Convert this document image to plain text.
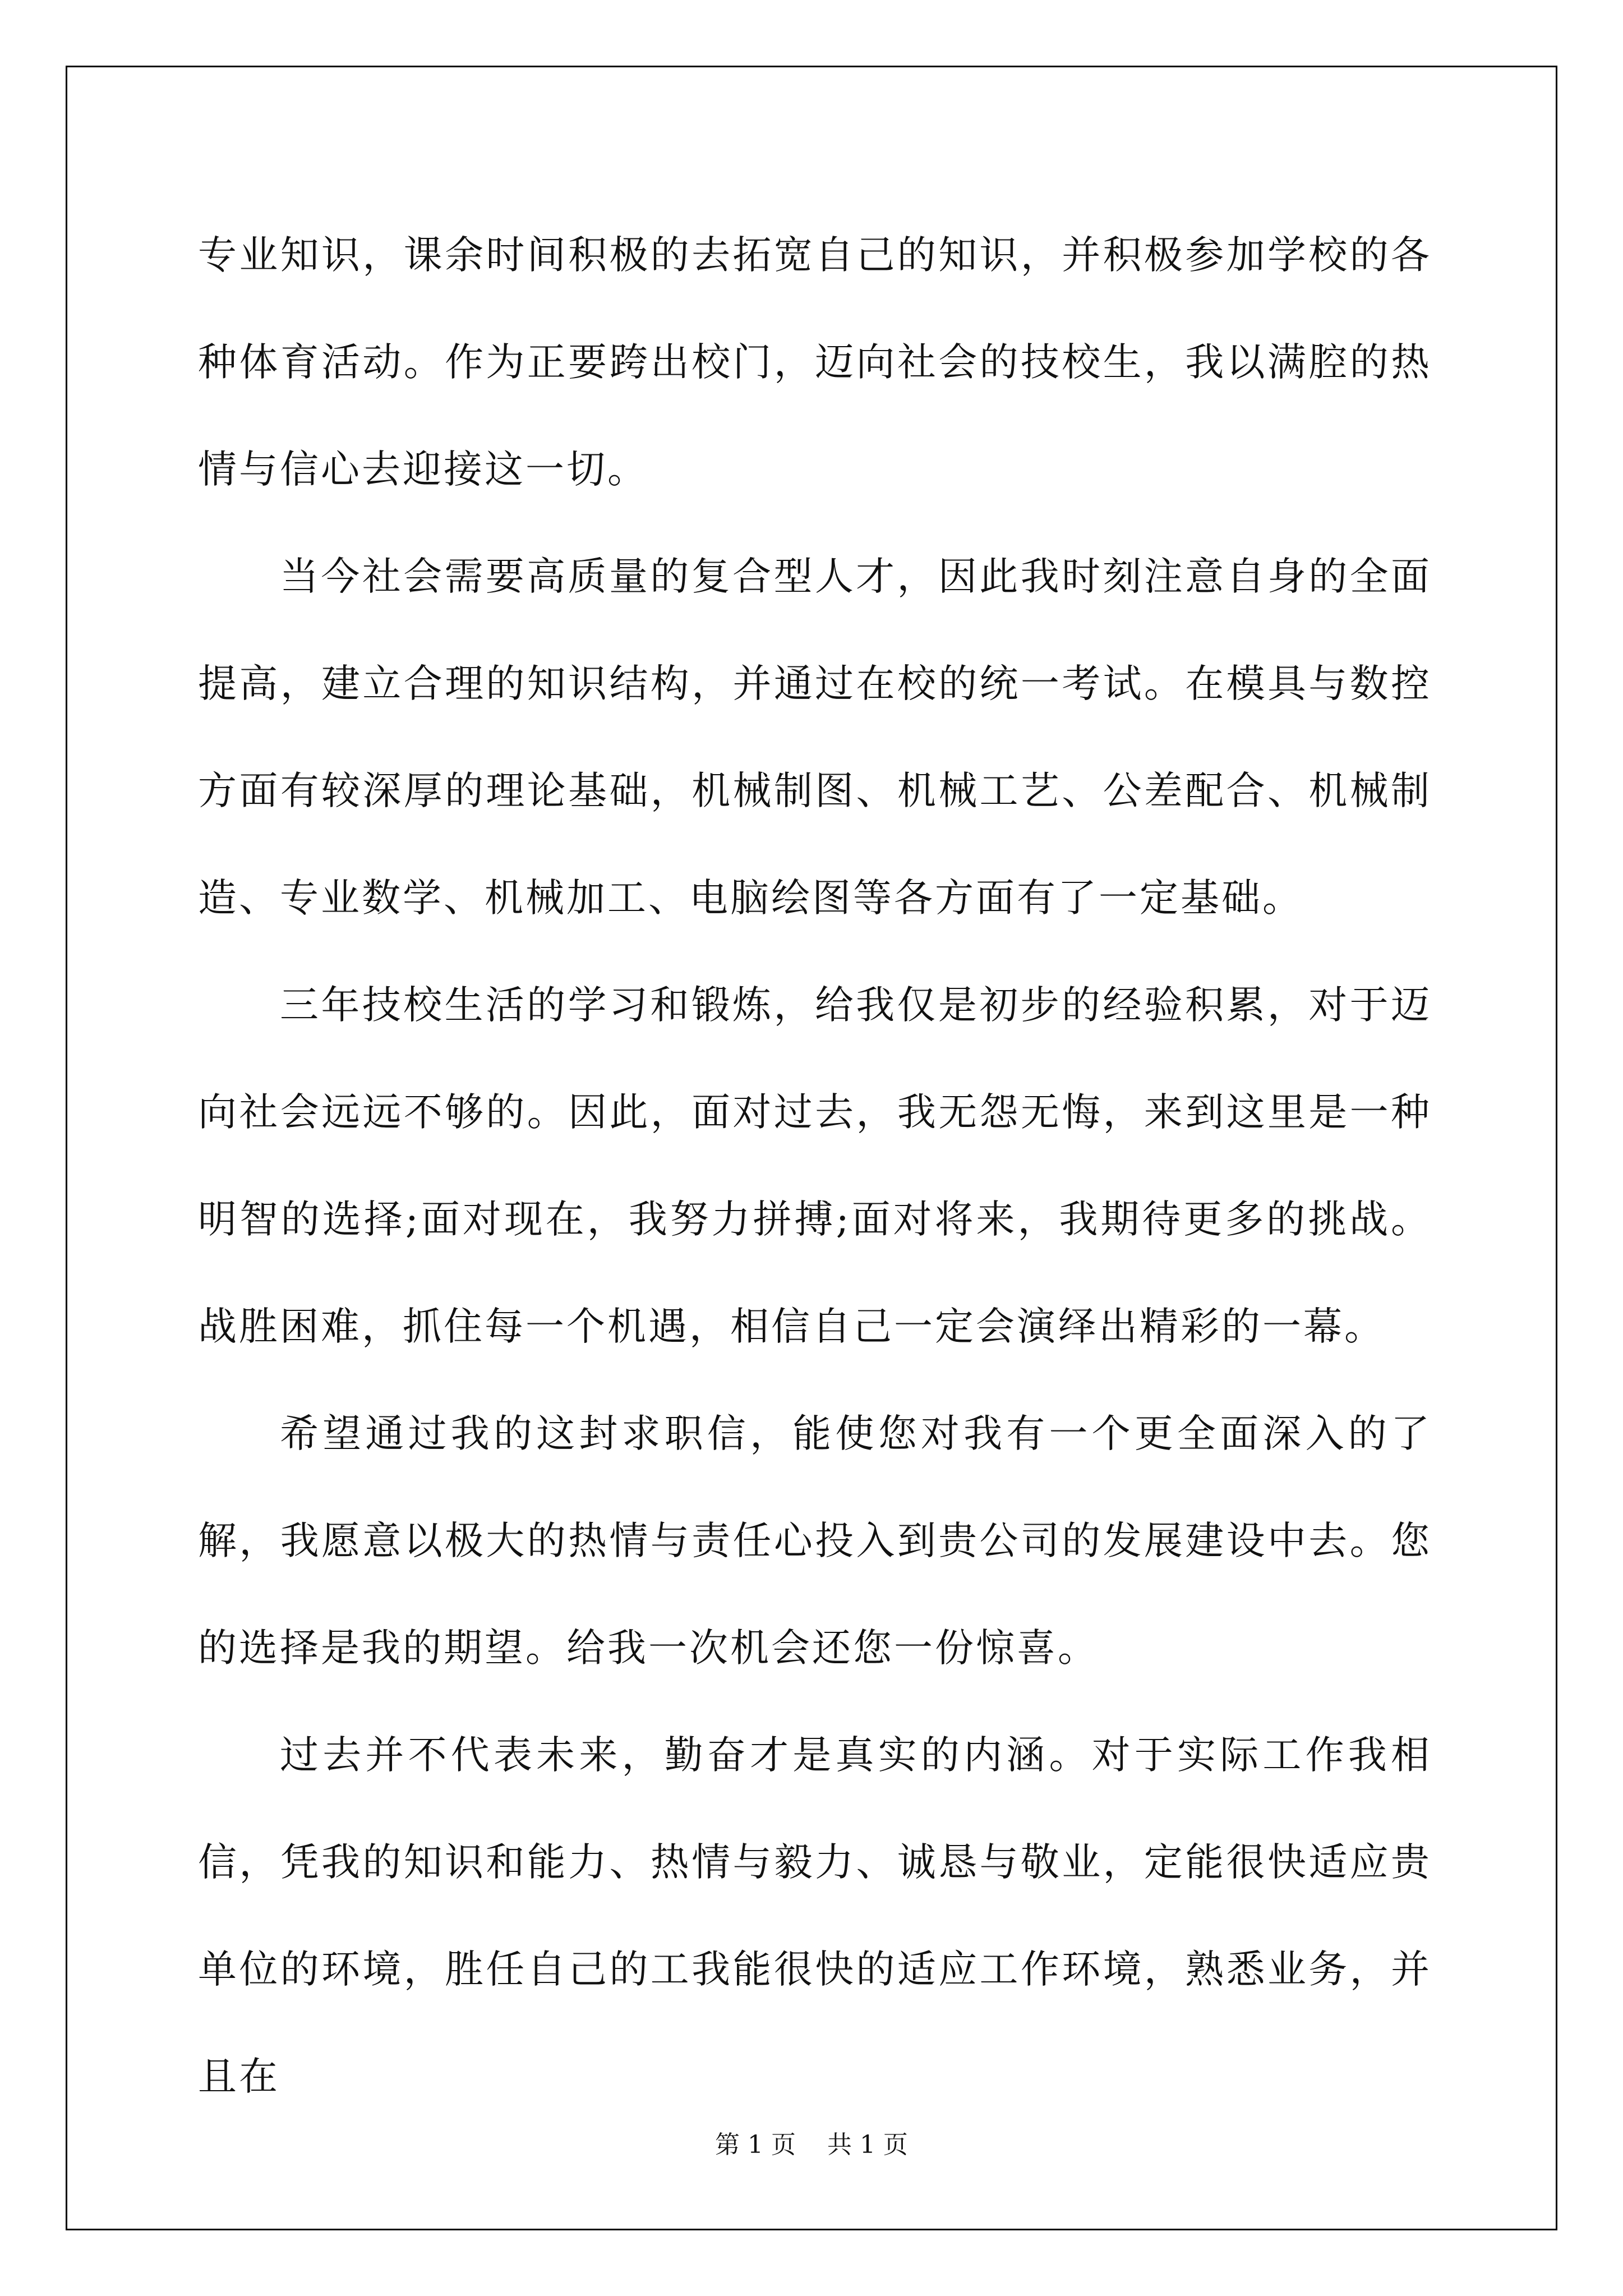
专业知识，课余时间积极的去拓宽自己的知识，并积极参加学校的各种体育活动。作为正要跨出校门，迈向社会的技校生，我以满腔的热情与信心去迎接这一切。

当今社会需要高质量的复合型人才，因此我时刻注意自身的全面提高，建立合理的知识结构，并通过在校的统一考试。在模具与数控方面有较深厚的理论基础，机械制图、机械工艺、公差配合、机械制造、专业数学、机械加工、电脑绘图等各方面有了一定基础。

三年技校生活的学习和锻炼，给我仅是初步的经验积累，对于迈向社会远远不够的。因此，面对过去，我无怨无悔，来到这里是一种明智的选择;面对现在，我努力拼搏;面对将来，我期待更多的挑战。战胜困难，抓住每一个机遇，相信自己一定会演绎出精彩的一幕。

希望通过我的这封求职信，能使您对我有一个更全面深入的了解，我愿意以极大的热情与责任心投入到贵公司的发展建设中去。您的选择是我的期望。给我一次机会还您一份惊喜。

过去并不代表未来，勤奋才是真实的内涵。对于实际工作我相信，凭我的知识和能力、热情与毅力、诚恳与敬业，定能很快适应贵单位的环境，胜任自己的工我能很快的适应工作环境，熟悉业务，并且在

第 1 页    共 1 页
